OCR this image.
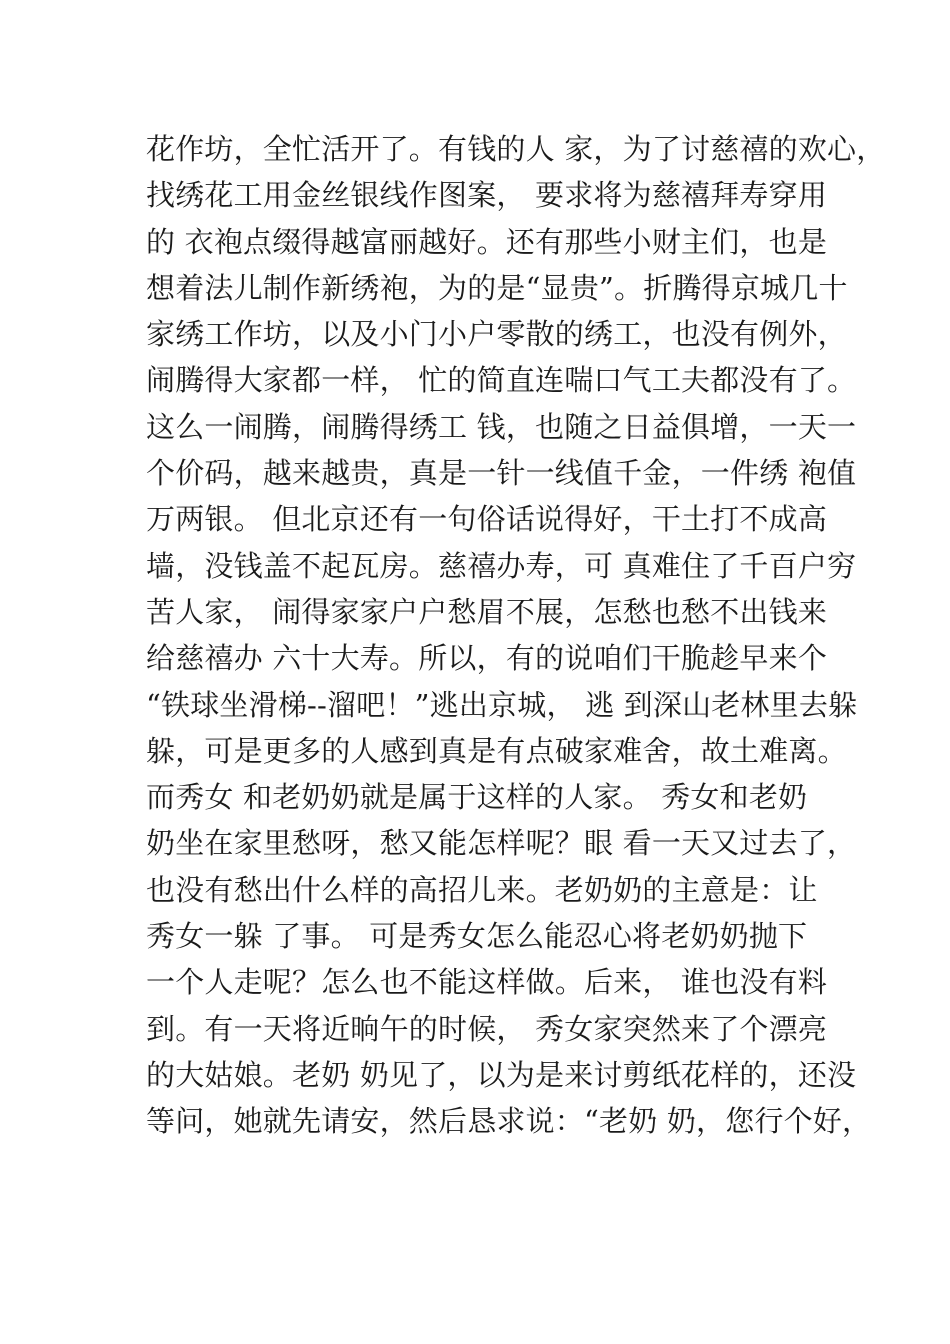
花作坊，全忙活开了。有钱的人 家，为了讨慈禧的欢心，
找绣花工用金丝银线作图案， 要求将为慈禧拜寿穿用
的 衣袍点缀得越富丽越好。还有那些小财主们，也是
想着法儿制作新绣袍，为的是“显贵”。折腾得京城几十
家绣工作坊，以及小门小户零散的绣工，也没有例外，
闹腾得大家都一样， 忙的简直连喘口气工夫都没有了。
这么一闹腾，闹腾得绣工 钱，也随之日益俱增，一天一
个价码，越来越贵，真是一针一线值千金，一件绣 袍值
万两银。 但北京还有一句俗话说得好，干土打不成高
墙，没钱盖不起瓦房。慈禧办寿，可 真难住了千百户穷
苦人家， 闹得家家户户愁眉不展，怎愁也愁不出钱来
给慈禧办 六十大寿。所以，有的说咱们干脆趁早来个
“铁球坐滑梯--溜吧！”逃出京城， 逃 到深山老林里去躲
躲，可是更多的人感到真是有点破家难舍，故土难离。
而秀女 和老奶奶就是属于这样的人家。 秀女和老奶
奶坐在家里愁呀，愁又能怎样呢？眼 看一天又过去了，
也没有愁出什么样的高招儿来。老奶奶的主意是：让
秀女一躲 了事。 可是秀女怎么能忍心将老奶奶抛下
一个人走呢？怎么也不能这样做。后来， 谁也没有料
到。有一天将近晌午的时候， 秀女家突然来了个漂亮
的大姑娘。老奶 奶见了，以为是来讨剪纸花样的，还没
等问，她就先请安，然后恳求说：“老奶 奶，您行个好，
